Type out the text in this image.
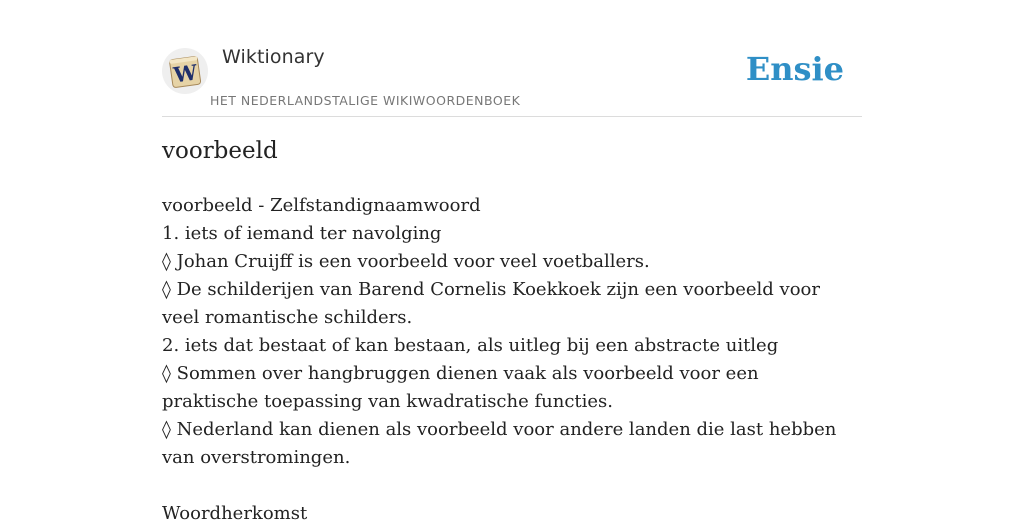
W
Wiktionary
HET NEDERLANDSTALIGE WIKIWOORDENBOEK
Ensie
voorbeeld
voorbeeld - Zelfstandignaamwoord
1. iets of iemand ter navolging
◊ Johan Cruijff is een voorbeeld voor veel voetballers.
◊ De schilderijen van Barend Cornelis Koekkoek zijn een voorbeeld voor veel romantische schilders.
2. iets dat bestaat of kan bestaan, als uitleg bij een abstracte uitleg
◊ Sommen over hangbruggen dienen vaak als voorbeeld voor een praktische toepassing van kwadratische functies.
◊ Nederland kan dienen als voorbeeld voor andere landen die last hebben van overstromingen.
Woordherkomst
